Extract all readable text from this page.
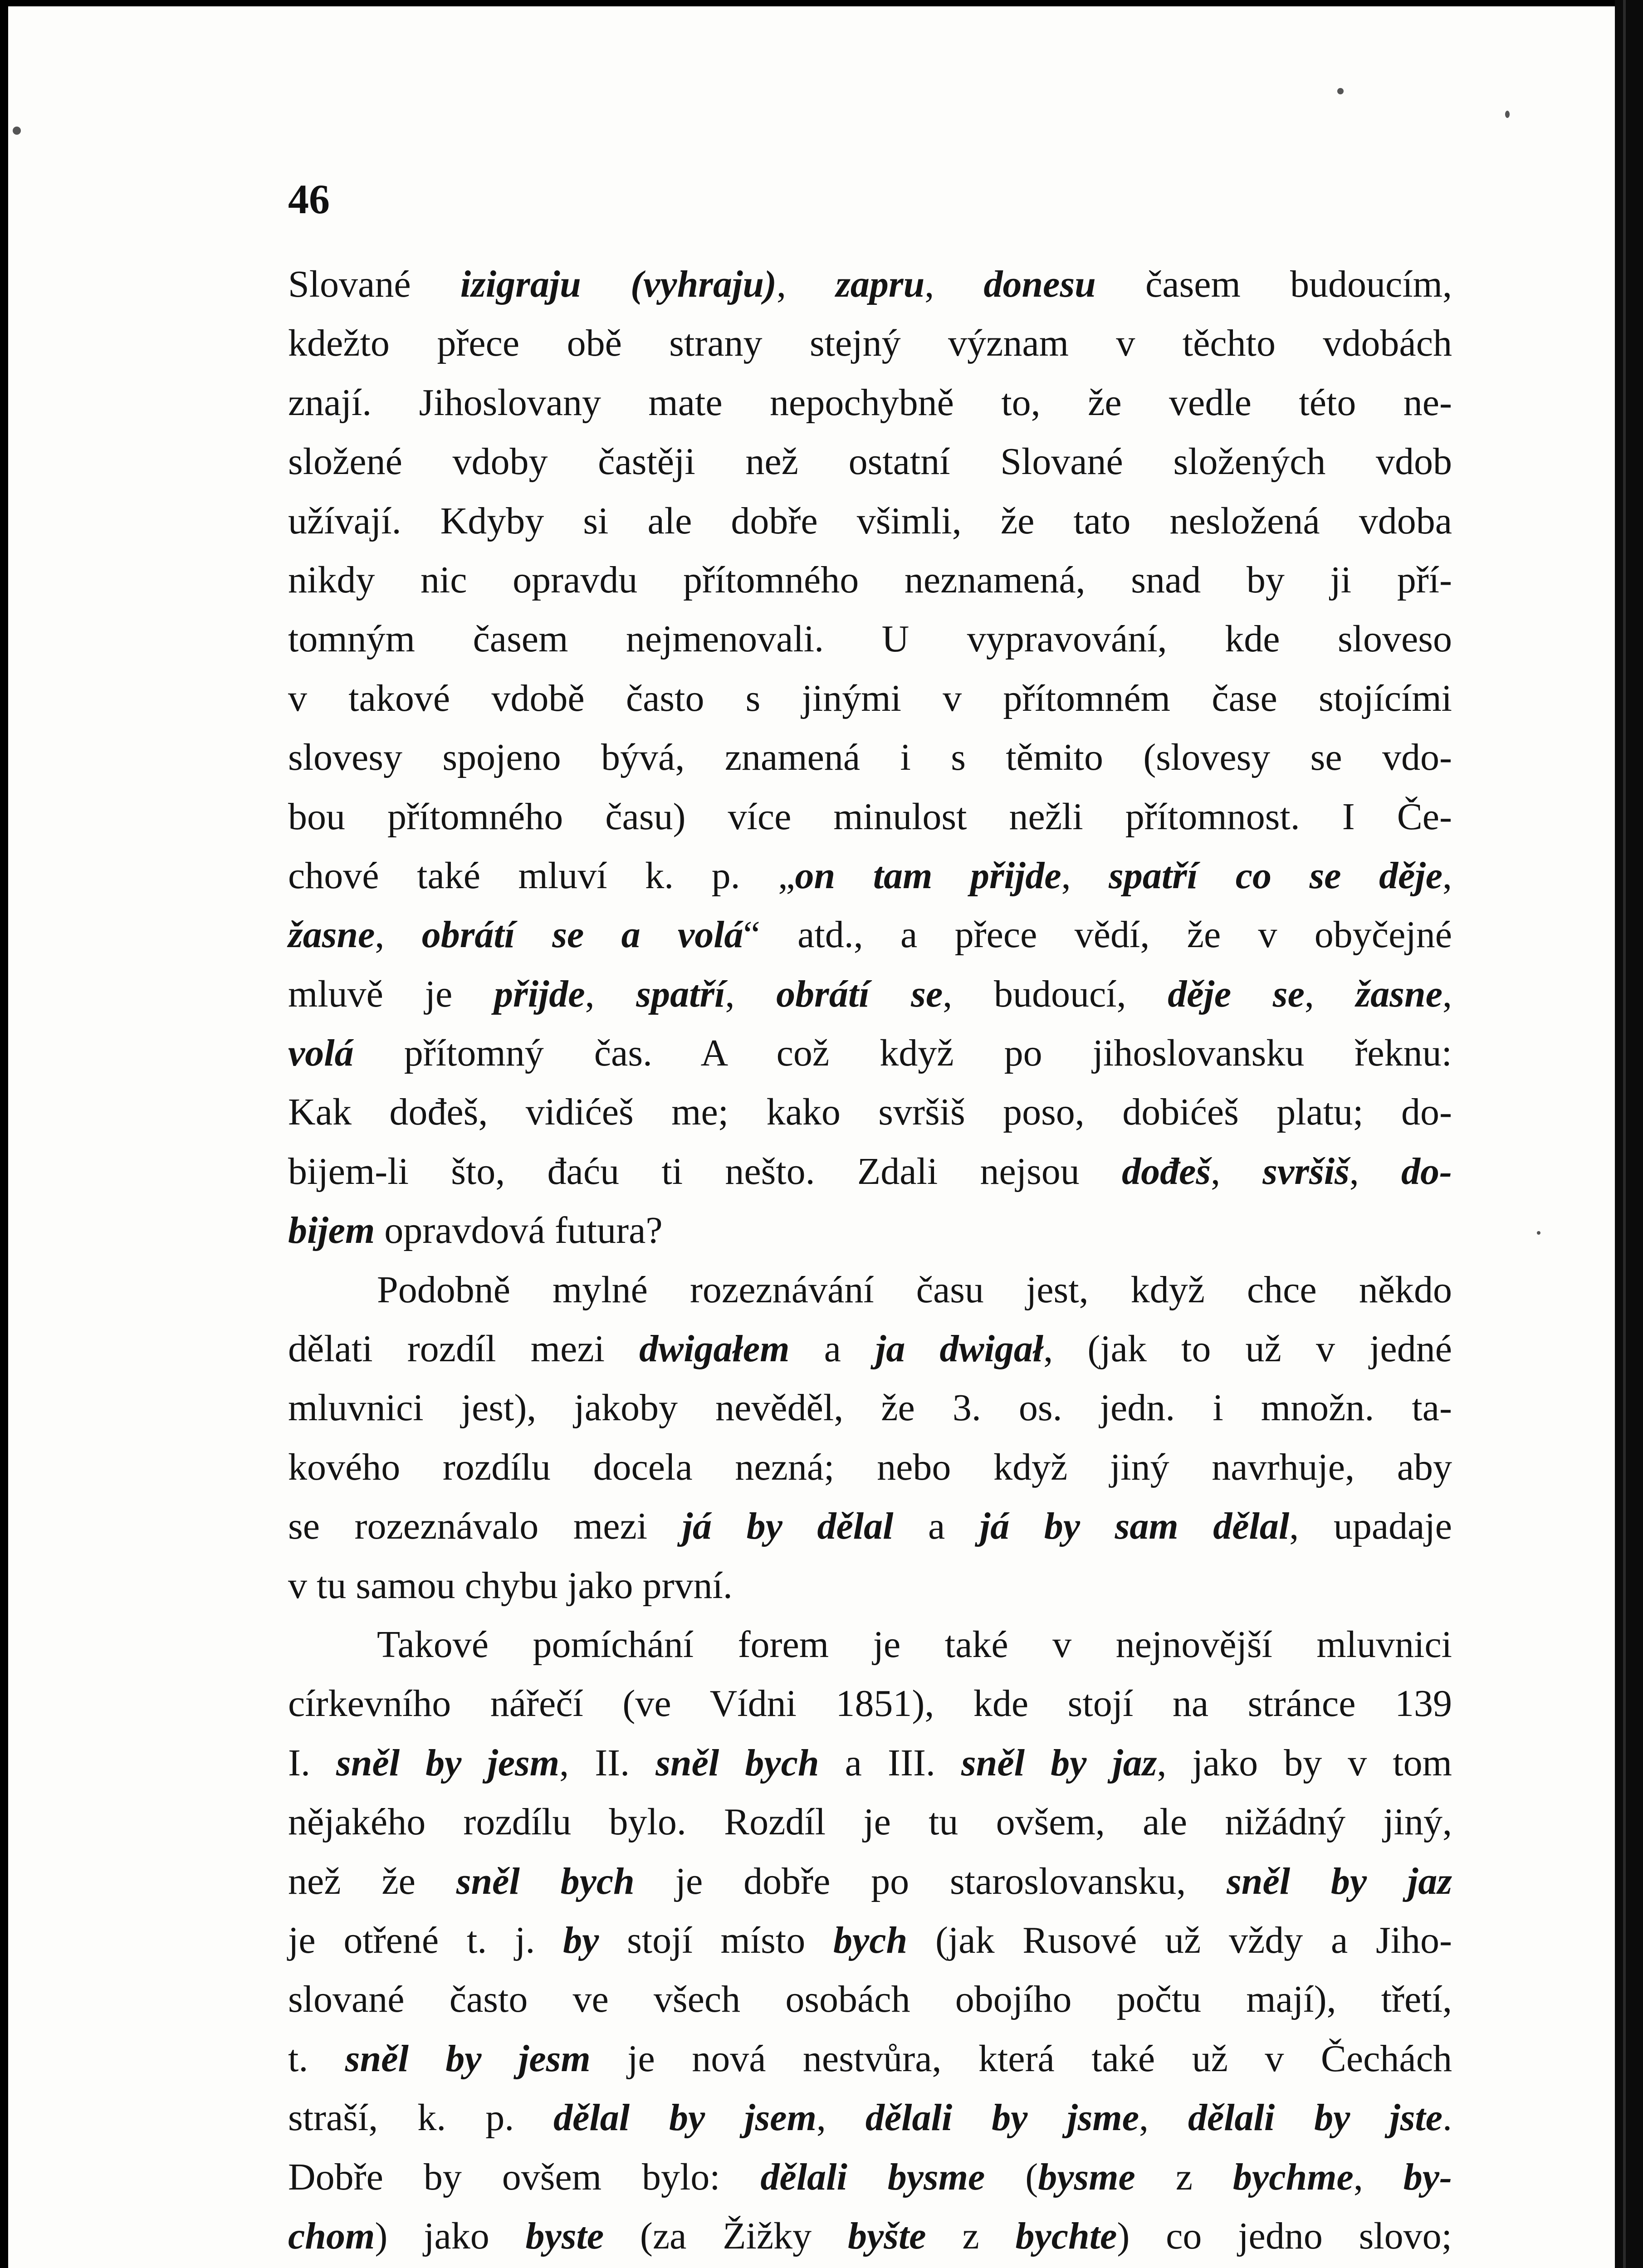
46
Slované izigraju (vyhraju), zapru, donesu časem budoucím,
kdežto přece obě strany stejný význam v těchto vdobách
znají. Jihoslovany mate nepochybně to, že vedle této ne-
složené vdoby častěji než ostatní Slované složených vdob
užívají. Kdyby si ale dobře všimli, že tato nesložená vdoba
nikdy nic opravdu přítomného neznamená, snad by ji pří-
tomným časem nejmenovali. U vypravování, kde sloveso
v takové vdobě často s jinými v přítomném čase stojícími
slovesy spojeno bývá, znamená i s těmito (slovesy se vdo-
bou přítomného času) více minulost nežli přítomnost. I Če-
chové také mluví k. p. „on tam přijde, spatří co se děje,
žasne, obrátí se a volá“ atd., a přece vědí, že v obyčejné
mluvě je přijde, spatří, obrátí se, budoucí, děje se, žasne,
volá přítomný čas. A což když po jihoslovansku řeknu:
Kak dođeš, vidićeš me; kako svršiš poso, dobićeš platu; do-
bijem-li što, đaću ti nešto. Zdali nejsou dođeš, svršiš, do-
bijem opravdová futura?
Podobně mylné rozeznávání času jest, když chce někdo
dělati rozdíl mezi dwigałem a ja dwigał, (jak to už v jedné
mluvnici jest), jakoby nevěděl, že 3. os. jedn. i množn. ta-
kového rozdílu docela nezná; nebo když jiný navrhuje, aby
se rozeznávalo mezi já by dělal a já by sam dělal, upadaje
v tu samou chybu jako první.
Takové pomíchání forem je také v nejnovější mluvnici
církevního nářečí (ve Vídni 1851), kde stojí na stránce 139
I. sněl by jesm, II. sněl bych a III. sněl by jaz, jako by v tom
nějakého rozdílu bylo. Rozdíl je tu ovšem, ale nižádný jiný,
než že sněl bych je dobře po staroslovansku, sněl by jaz
je otřené t. j. by stojí místo bych (jak Rusové už vždy a Jiho-
slované často ve všech osobách obojího počtu mají), třetí,
t. sněl by jesm je nová nestvůra, která také už v Čechách
straší, k. p. dělal by jsem, dělali by jsme, dělali by jste.
Dobře by ovšem bylo: dělali bysme (bysme z bychme, by-
chom) jako byste (za Žižky byšte z bychte) co jedno slovo;
